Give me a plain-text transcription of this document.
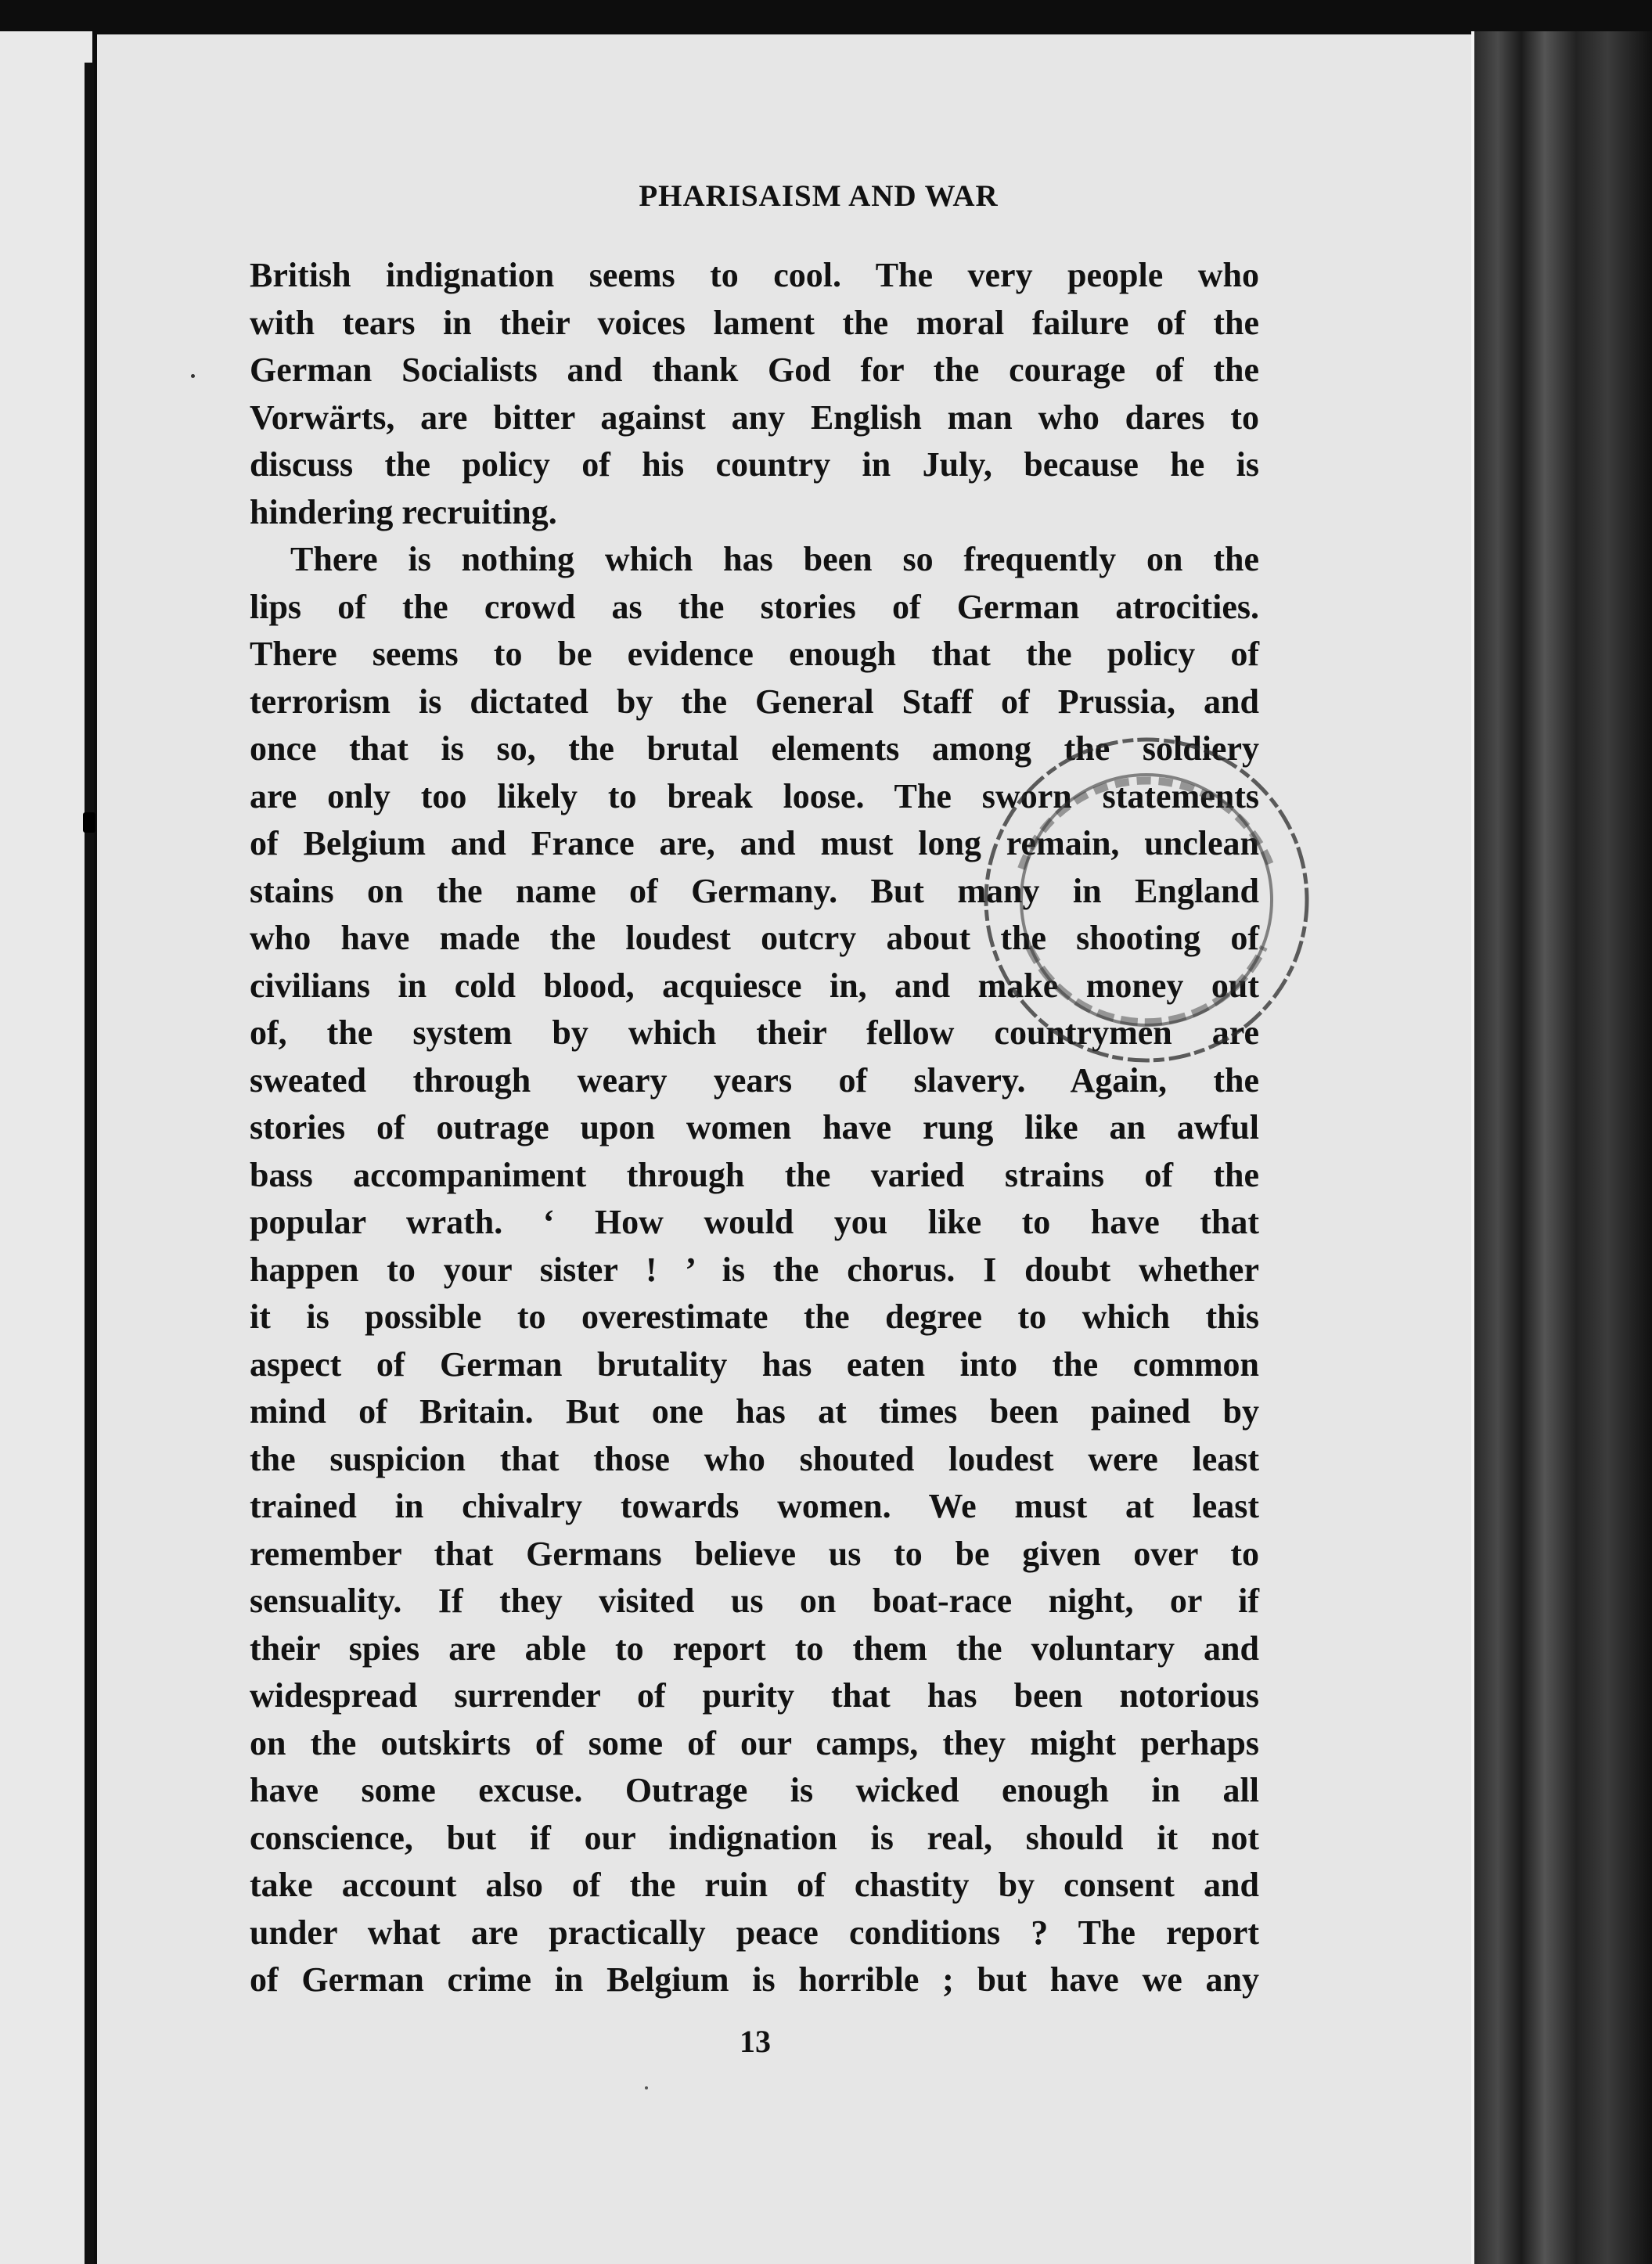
PHARISAISM AND WAR
British indignation seems to cool. The very people who
with tears in their voices lament the moral failure of the
German Socialists and thank God for the courage of the
Vorwärts, are bitter against any English man who dares to
discuss the policy of his country in July, because he is
hindering recruiting.
There is nothing which has been so frequently on the
lips of the crowd as the stories of German atrocities.
There seems to be evidence enough that the policy of
terrorism is dictated by the General Staff of Prussia, and
once that is so, the brutal elements among the soldiery
are only too likely to break loose. The sworn statements
of Belgium and France are, and must long remain, unclean
stains on the name of Germany. But many in England
who have made the loudest outcry about the shooting of
civilians in cold blood, acquiesce in, and make money out
of, the system by which their fellow countrymen are
sweated through weary years of slavery. Again, the
stories of outrage upon women have rung like an awful
bass accompaniment through the varied strains of the
popular wrath. ‘ How would you like to have that
happen to your sister ! ’ is the chorus. I doubt whether
it is possible to overestimate the degree to which this
aspect of German brutality has eaten into the common
mind of Britain. But one has at times been pained by
the suspicion that those who shouted loudest were least
trained in chivalry towards women. We must at least
remember that Germans believe us to be given over to
sensuality. If they visited us on boat-race night, or if
their spies are able to report to them the voluntary and
widespread surrender of purity that has been notorious
on the outskirts of some of our camps, they might perhaps
have some excuse. Outrage is wicked enough in all
conscience, but if our indignation is real, should it not
take account also of the ruin of chastity by consent and
under what are practically peace conditions ? The report
of German crime in Belgium is horrible ; but have we any
13
